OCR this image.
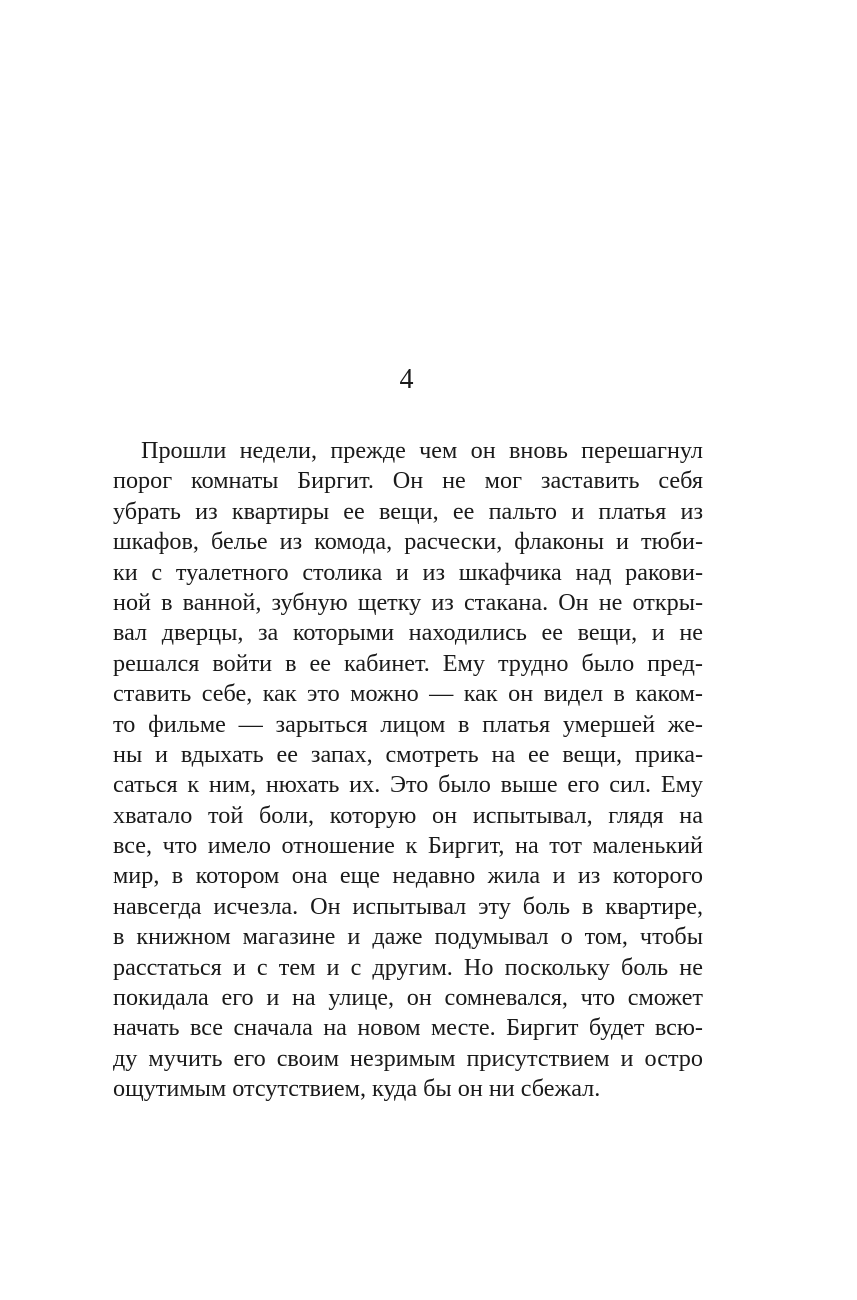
4
Прошли недели, прежде чем он вновь перешагнул
порог комнаты Биргит. Он не мог заставить себя
убрать из квартиры ее вещи, ее пальто и платья из
шкафов, белье из комода, расчески, флаконы и тюби-
ки с туалетного столика и из шкафчика над ракови-
ной в ванной, зубную щетку из стакана. Он не откры-
вал дверцы, за которыми находились ее вещи, и не
решался войти в ее кабинет. Ему трудно было пред-
ставить себе, как это можно — как он видел в каком-
то фильме — зарыться лицом в платья умершей же-
ны и вдыхать ее запах, смотреть на ее вещи, прика-
саться к ним, нюхать их. Это было выше его сил. Ему
хватало той боли, которую он испытывал, глядя на
все, что имело отношение к Биргит, на тот маленький
мир, в котором она еще недавно жила и из которого
навсегда исчезла. Он испытывал эту боль в квартире,
в книжном магазине и даже подумывал о том, чтобы
расстаться и с тем и с другим. Но поскольку боль не
покидала его и на улице, он сомневался, что сможет
начать все сначала на новом месте. Биргит будет всю-
ду мучить его своим незримым присутствием и остро
ощутимым отсутствием, куда бы он ни сбежал.
